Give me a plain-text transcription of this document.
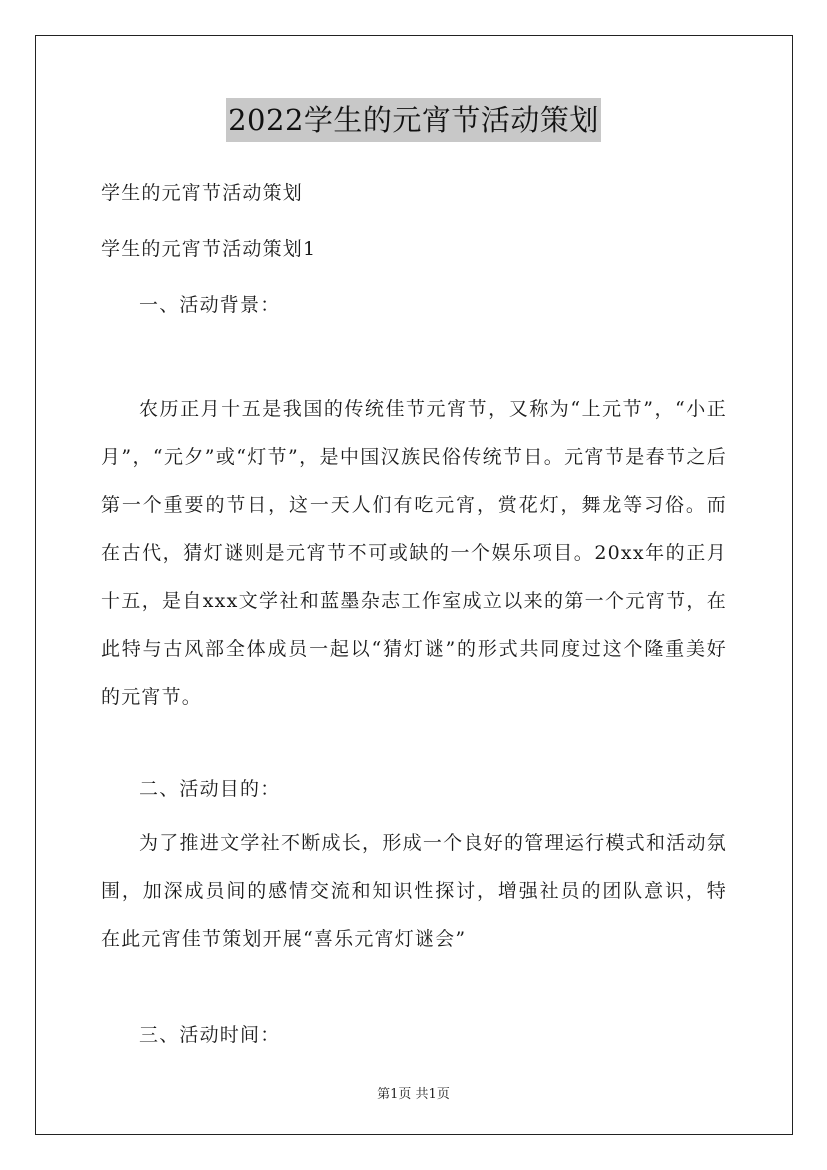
2022学生的元宵节活动策划

学生的元宵节活动策划

学生的元宵节活动策划1

一、活动背景：

农历正月十五是我国的传统佳节元宵节，又称为“上元节”，“小正月”，“元夕”或“灯节”，是中国汉族民俗传统节日。元宵节是春节之后第一个重要的节日，这一天人们有吃元宵，赏花灯，舞龙等习俗。而在古代，猜灯谜则是元宵节不可或缺的一个娱乐项目。20xx年的正月十五，是自xxx文学社和蓝墨杂志工作室成立以来的第一个元宵节，在此特与古风部全体成员一起以“猜灯谜”的形式共同度过这个隆重美好的元宵节。

二、活动目的：

为了推进文学社不断成长，形成一个良好的管理运行模式和活动氛围，加深成员间的感情交流和知识性探讨，增强社员的团队意识，特在此元宵佳节策划开展“喜乐元宵灯谜会”

三、活动时间：

第1页 共1页
